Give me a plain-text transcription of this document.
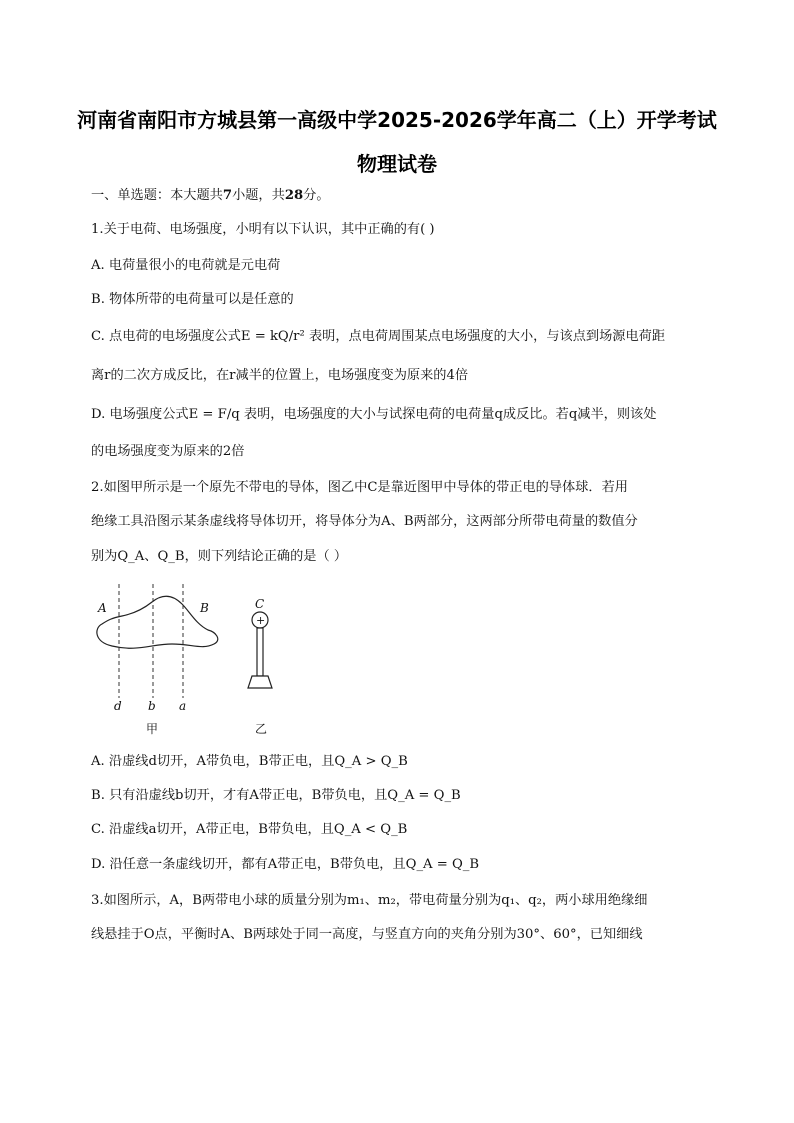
河南省南阳市方城县第一高级中学2025-2026学年高二（上）开学考试
物理试卷
一、单选题：本大题共7小题，共28分。
1.关于电荷、电场强度，小明有以下认识，其中正确的有( )
A. 电荷量很小的电荷就是元电荷
B. 物体所带的电荷量可以是任意的
C. 点电荷的电场强度公式E = kQ/r² 表明，点电荷周围某点电场强度的大小，与该点到场源电荷距
离r的二次方成反比，在r减半的位置上，电场强度变为原来的4倍
D. 电场强度公式E = F/q 表明，电场强度的大小与试探电荷的电荷量q成反比。若q减半，则该处
的电场强度变为原来的2倍
2.如图甲所示是一个原先不带电的导体，图乙中C是靠近图甲中导体的带正电的导体球．若用
绝缘工具沿图示某条虚线将导体切开，将导体分为A、B两部分，这两部分所带电荷量的数值分
别为Q_A、Q_B，则下列结论正确的是（ ）
A	B
d b a
甲
C
+
乙
A. 沿虚线d切开，A带负电，B带正电，且Q_A > Q_B
B. 只有沿虚线b切开，才有A带正电，B带负电，且Q_A = Q_B
C. 沿虚线a切开，A带正电，B带负电，且Q_A < Q_B
D. 沿任意一条虚线切开，都有A带正电，B带负电，且Q_A = Q_B
3.如图所示，A，B两带电小球的质量分别为m₁、m₂，带电荷量分别为q₁、q₂，两小球用绝缘细
线悬挂于O点，平衡时A、B两球处于同一高度，与竖直方向的夹角分别为30°、60°，已知细线
